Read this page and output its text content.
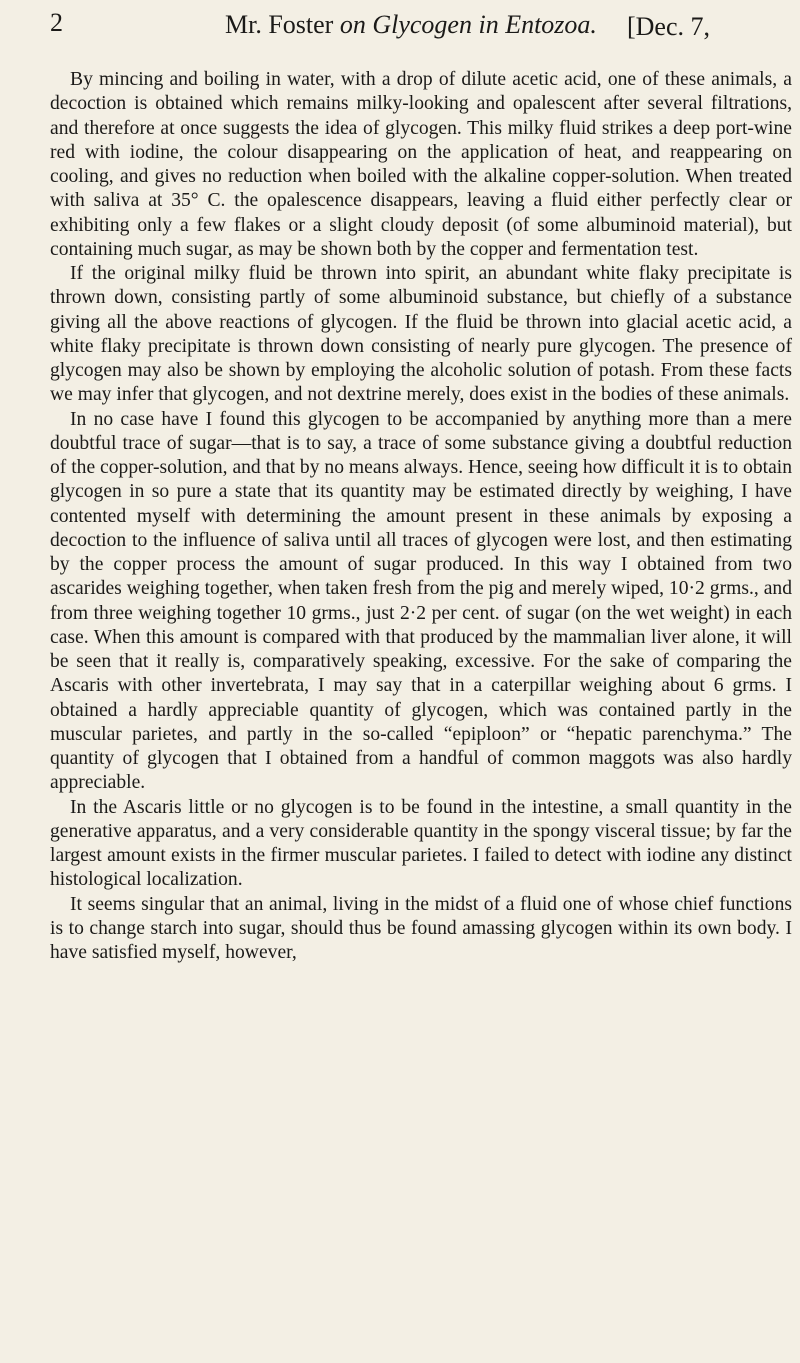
2	Mr. Foster on Glycogen in Entozoa. [Dec. 7,

By mincing and boiling in water, with a drop of dilute acetic acid, one of these animals, a decoction is obtained which remains milky-looking and opalescent after several filtrations, and therefore at once suggests the idea of glycogen. This milky fluid strikes a deep port-wine red with iodine, the colour disappearing on the application of heat, and reappearing on cooling, and gives no reduction when boiled with the alkaline copper-solution. When treated with saliva at 35° C. the opalescence disappears, leaving a fluid either perfectly clear or exhibiting only a few flakes or a slight cloudy deposit (of some albuminoid material), but containing much sugar, as may be shown both by the copper and fermentation test.

If the original milky fluid be thrown into spirit, an abundant white flaky precipitate is thrown down, consisting partly of some albuminoid substance, but chiefly of a substance giving all the above reactions of glycogen. If the fluid be thrown into glacial acetic acid, a white flaky precipitate is thrown down consisting of nearly pure glycogen. The presence of glycogen may also be shown by employing the alcoholic solution of potash. From these facts we may infer that glycogen, and not dextrine merely, does exist in the bodies of these animals.

In no case have I found this glycogen to be accompanied by anything more than a mere doubtful trace of sugar—that is to say, a trace of some substance giving a doubtful reduction of the copper-solution, and that by no means always. Hence, seeing how difficult it is to obtain glycogen in so pure a state that its quantity may be estimated directly by weighing, I have contented myself with determining the amount present in these animals by exposing a decoction to the influence of saliva until all traces of glycogen were lost, and then estimating by the copper process the amount of sugar produced. In this way I obtained from two ascarides weighing together, when taken fresh from the pig and merely wiped, 10·2 grms., and from three weighing together 10 grms., just 2·2 per cent. of sugar (on the wet weight) in each case. When this amount is compared with that produced by the mammalian liver alone, it will be seen that it really is, comparatively speaking, excessive. For the sake of comparing the Ascaris with other invertebrata, I may say that in a caterpillar weighing about 6 grms. I obtained a hardly appreciable quantity of glycogen, which was contained partly in the muscular parietes, and partly in the so-called “epiploon” or “hepatic parenchyma.” The quantity of glycogen that I obtained from a handful of common maggots was also hardly appreciable.

In the Ascaris little or no glycogen is to be found in the intestine, a small quantity in the generative apparatus, and a very considerable quantity in the spongy visceral tissue; by far the largest amount exists in the firmer muscular parietes. I failed to detect with iodine any distinct histological localization.

It seems singular that an animal, living in the midst of a fluid one of whose chief functions is to change starch into sugar, should thus be found amassing glycogen within its own body. I have satisfied myself, however,
